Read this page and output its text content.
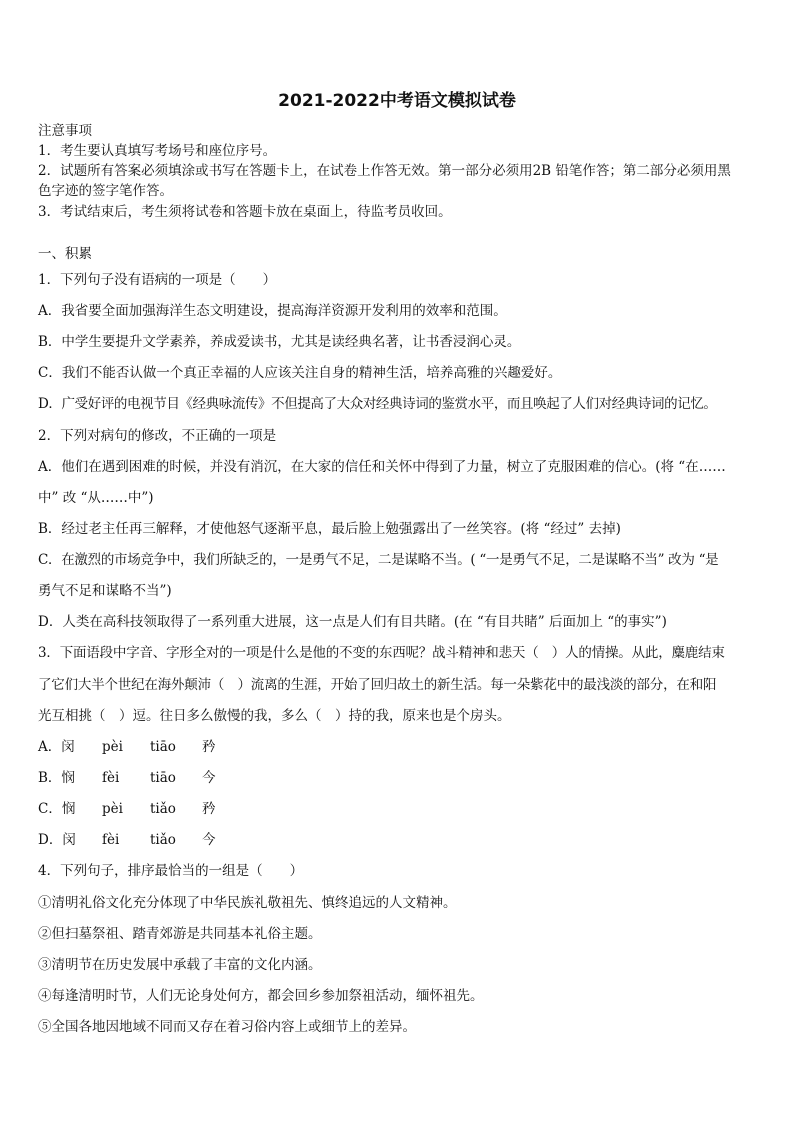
2021-2022中考语文模拟试卷
注意事项
1．考生要认真填写考场号和座位序号。
2．试题所有答案必须填涂或书写在答题卡上，在试卷上作答无效。第一部分必须用2B 铅笔作答；第二部分必须用黑
色字迹的签字笔作答。
3．考试结束后，考生须将试卷和答题卡放在桌面上，待监考员收回。
一、积累
1．下列句子没有语病的一项是（　　）
A．我省要全面加强海洋生态文明建设，提高海洋资源开发利用的效率和范围。
B．中学生要提升文学素养，养成爱读书，尤其是读经典名著，让书香浸润心灵。
C．我们不能否认做一个真正幸福的人应该关注自身的精神生活，培养高雅的兴趣爱好。
D．广受好评的电视节目《经典咏流传》不但提高了大众对经典诗词的鉴赏水平，而且唤起了人们对经典诗词的记忆。
2．下列对病句的修改，不正确的一项是
A．他们在遇到困难的时候，并没有消沉，在大家的信任和关怀中得到了力量，树立了克服困难的信心。(将 “在……
中” 改 “从……中”)
B．经过老主任再三解释，才使他怒气逐渐平息，最后脸上勉强露出了一丝笑容。(将 “经过” 去掉)
C．在激烈的市场竞争中，我们所缺乏的，一是勇气不足，二是谋略不当。( “一是勇气不足，二是谋略不当” 改为 “是
勇气不足和谋略不当”)
D．人类在高科技领取得了一系列重大进展，这一点是人们有目共睹。(在 “有目共睹” 后面加上 “的事实”)
3．下面语段中字音、字形全对的一项是什么是他的不变的东西呢？战斗精神和悲天（　）人的情操。从此，麋鹿结束
了它们大半个世纪在海外颠沛（　）流离的生涯，开始了回归故土的新生活。每一朵紫花中的最浅淡的部分，在和阳
光互相挑（　）逗。往日多么傲慢的我，多么（　）持的我，原来也是个房头。
A．闵 pèi tiāo 矜
B．悯 fèi tiāo 今
C．悯 pèi tiǎo 矜
D．闵 fèi tiǎo 今
4．下列句子，排序最恰当的一组是（　　）
①清明礼俗文化充分体现了中华民族礼敬祖先、慎终追远的人文精神。
②但扫墓祭祖、踏青郊游是共同基本礼俗主题。
③清明节在历史发展中承载了丰富的文化内涵。
④每逢清明时节，人们无论身处何方，都会回乡参加祭祖活动，缅怀祖先。
⑤全国各地因地域不同而又存在着习俗内容上或细节上的差异。
